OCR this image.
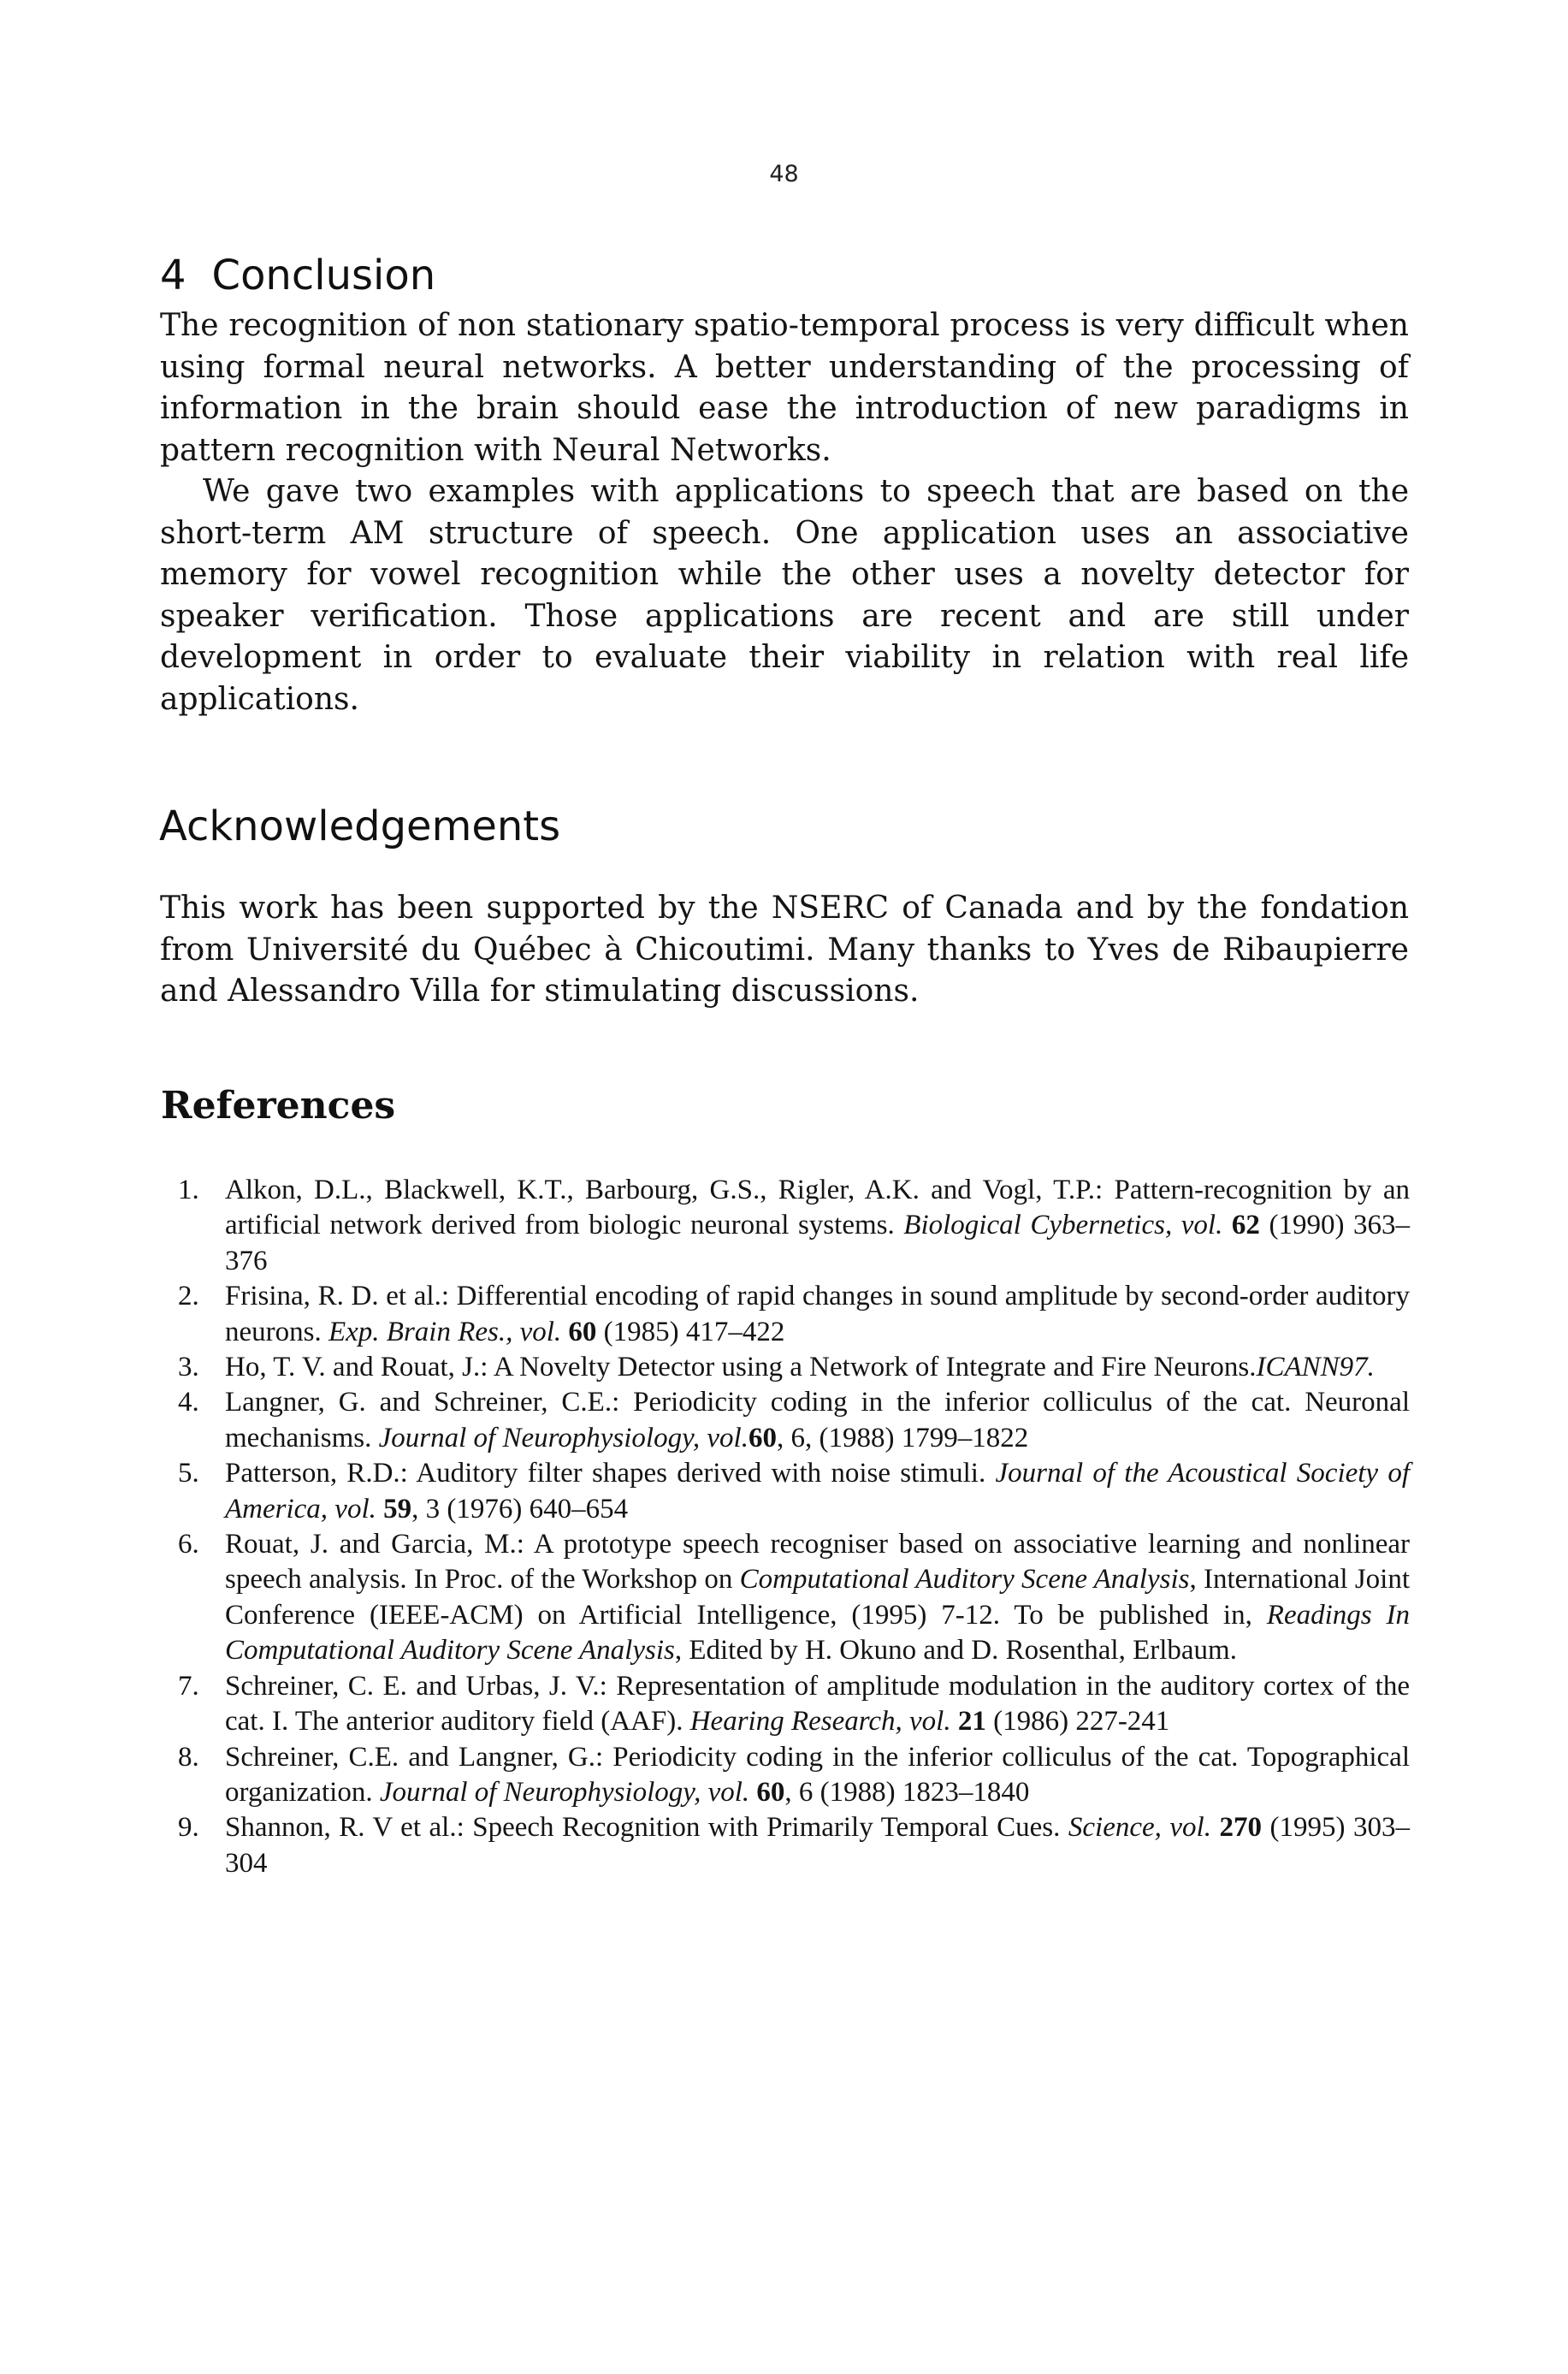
48
4 Conclusion

The recognition of non stationary spatio-temporal process is very difficult when using formal neural networks. A better understanding of the processing of information in the brain should ease the introduction of new paradigms in pattern recognition with Neural Networks.

We gave two examples with applications to speech that are based on the short-term AM structure of speech. One application uses an associative memory for vowel recognition while the other uses a novelty detector for speaker verification. Those applications are recent and are still under development in order to evaluate their viability in relation with real life applications.

Acknowledgements

This work has been supported by the NSERC of Canada and by the fondation from Université du Québec à Chicoutimi. Many thanks to Yves de Ribaupierre and Alessandro Villa for stimulating discussions.

References
1. Alkon, D.L., Blackwell, K.T., Barbourg, G.S., Rigler, A.K. and Vogl, T.P.: Pattern-recognition by an artificial network derived from biologic neuronal systems. Biological Cybernetics, vol. 62 (1990) 363–376
2. Frisina, R. D. et al.: Differential encoding of rapid changes in sound amplitude by second-order auditory neurons. Exp. Brain Res., vol. 60 (1985) 417–422
3. Ho, T. V. and Rouat, J.: A Novelty Detector using a Network of Integrate and Fire Neurons.ICANN97.
4. Langner, G. and Schreiner, C.E.: Periodicity coding in the inferior colliculus of the cat. Neuronal mechanisms. Journal of Neurophysiology, vol.60, 6, (1988) 1799–1822
5. Patterson, R.D.: Auditory filter shapes derived with noise stimuli. Journal of the Acoustical Society of America, vol. 59, 3 (1976) 640–654
6. Rouat, J. and Garcia, M.: A prototype speech recogniser based on associative learning and nonlinear speech analysis. In Proc. of the Workshop on Computational Auditory Scene Analysis, International Joint Conference (IEEE-ACM) on Artificial Intelligence, (1995) 7-12. To be published in, Readings In Computational Auditory Scene Analysis, Edited by H. Okuno and D. Rosenthal, Erlbaum.
7. Schreiner, C. E. and Urbas, J. V.: Representation of amplitude modulation in the auditory cortex of the cat. I. The anterior auditory field (AAF). Hearing Research, vol. 21 (1986) 227-241
8. Schreiner, C.E. and Langner, G.: Periodicity coding in the inferior colliculus of the cat. Topographical organization. Journal of Neurophysiology, vol. 60, 6 (1988) 1823–1840
9. Shannon, R. V et al.: Speech Recognition with Primarily Temporal Cues. Science, vol. 270 (1995) 303–304
